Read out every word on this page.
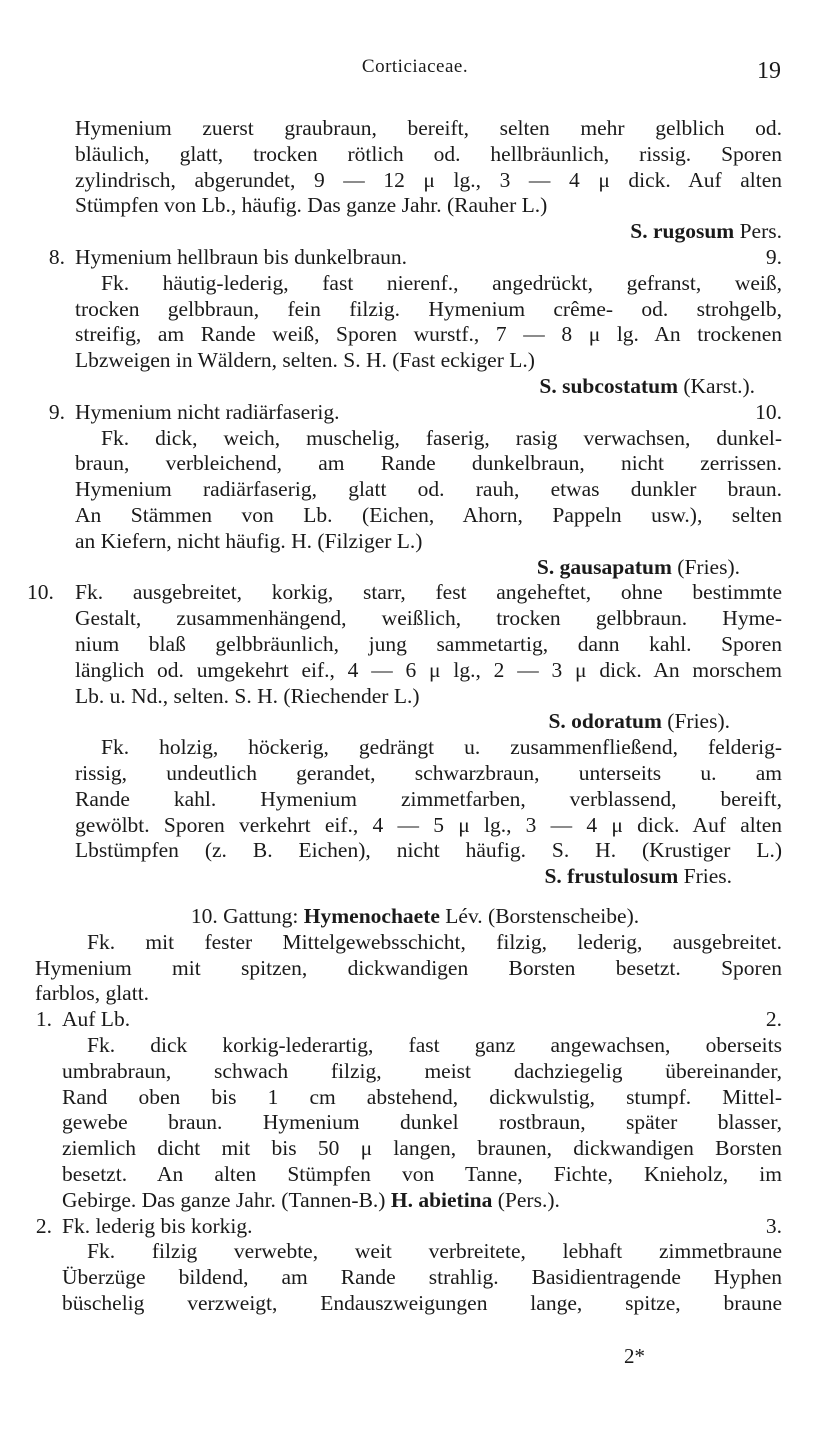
Corticiaceae.	19
Hymenium zuerst graubraun, bereift, selten mehr gelblich od.
bläulich, glatt, trocken rötlich od. hellbräunlich, rissig. Sporen
zylindrisch, abgerundet, 9 — 12 μ lg., 3 — 4 μ dick. Auf alten
Stümpfen von Lb., häufig. Das ganze Jahr. (Rauher L.)
S. rugosum Pers.
8. Hymenium hellbraun bis dunkelbraun.	9.
Fk. häutig-lederig, fast nierenf., angedrückt, gefranst, weiß,
trocken gelbbraun, fein filzig. Hymenium crême- od. strohgelb,
streifig, am Rande weiß, Sporen wurstf., 7 — 8 μ lg. An trockenen
Lbzweigen in Wäldern, selten. S. H. (Fast eckiger L.)
S. subcostatum (Karst.).
9. Hymenium nicht radiärfaserig.	10.
Fk. dick, weich, muschelig, faserig, rasig verwachsen, dunkel-
braun, verbleichend, am Rande dunkelbraun, nicht zerrissen.
Hymenium radiärfaserig, glatt od. rauh, etwas dunkler braun.
An Stämmen von Lb. (Eichen, Ahorn, Pappeln usw.), selten
an Kiefern, nicht häufig. H. (Filziger L.)
S. gausapatum (Fries).
10. Fk. ausgebreitet, korkig, starr, fest angeheftet, ohne bestimmte
Gestalt, zusammenhängend, weißlich, trocken gelbbraun. Hyme-
nium blaß gelbbräunlich, jung sammetartig, dann kahl. Sporen
länglich od. umgekehrt eif., 4 — 6 μ lg., 2 — 3 μ dick. An morschem
Lb. u. Nd., selten. S. H. (Riechender L.)
S. odoratum (Fries).
Fk. holzig, höckerig, gedrängt u. zusammenfließend, felderig-
rissig, undeutlich gerandet, schwarzbraun, unterseits u. am
Rande kahl. Hymenium zimmetfarben, verblassend, bereift,
gewölbt. Sporen verkehrt eif., 4 — 5 μ lg., 3 — 4 μ dick. Auf alten
Lbstümpfen (z. B. Eichen), nicht häufig. S. H. (Krustiger L.)
S. frustulosum Fries.
10. Gattung: Hymenochaete Lév. (Borstenscheibe).
Fk. mit fester Mittelgewebsschicht, filzig, lederig, ausgebreitet.
Hymenium mit spitzen, dickwandigen Borsten besetzt. Sporen
farblos, glatt.
1. Auf Lb.	2.
Fk. dick korkig-lederartig, fast ganz angewachsen, oberseits
umbrabraun, schwach filzig, meist dachziegelig übereinander,
Rand oben bis 1 cm abstehend, dickwulstig, stumpf. Mittel-
gewebe braun. Hymenium dunkel rostbraun, später blasser,
ziemlich dicht mit bis 50 μ langen, braunen, dickwandigen Borsten
besetzt. An alten Stümpfen von Tanne, Fichte, Knieholz, im
Gebirge. Das ganze Jahr. (Tannen-B.) H. abietina (Pers.).
2. Fk. lederig bis korkig.	3.
Fk. filzig verwebte, weit verbreitete, lebhaft zimmetbraune
Überzüge bildend, am Rande strahlig. Basidientragende Hyphen
büschelig verzweigt, Endauszweigungen lange, spitze, braune
2*
